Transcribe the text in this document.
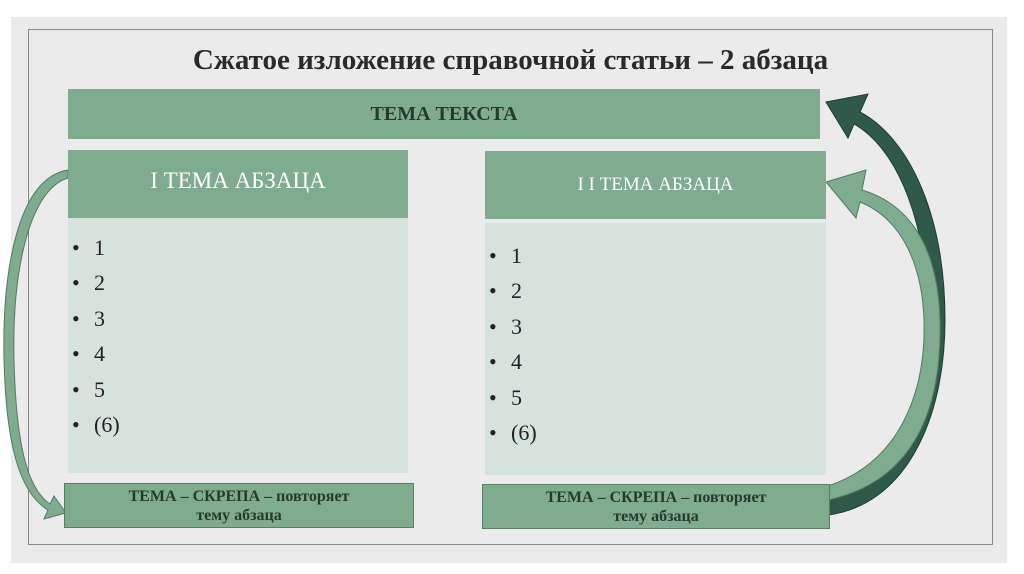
Сжатое изложение справочной статьи – 2 абзаца
ТЕМА ТЕКСТА
I ТЕМА АБЗАЦА
• 1
• 2
• 3
• 4
• 5
• (6)
ТЕМА – СКРЕПА – повторяет
тему абзаца
I I ТЕМА АБЗАЦА
• 1
• 2
• 3
• 4
• 5
• (6)
ТЕМА – СКРЕПА – повторяет
тему абзаца
